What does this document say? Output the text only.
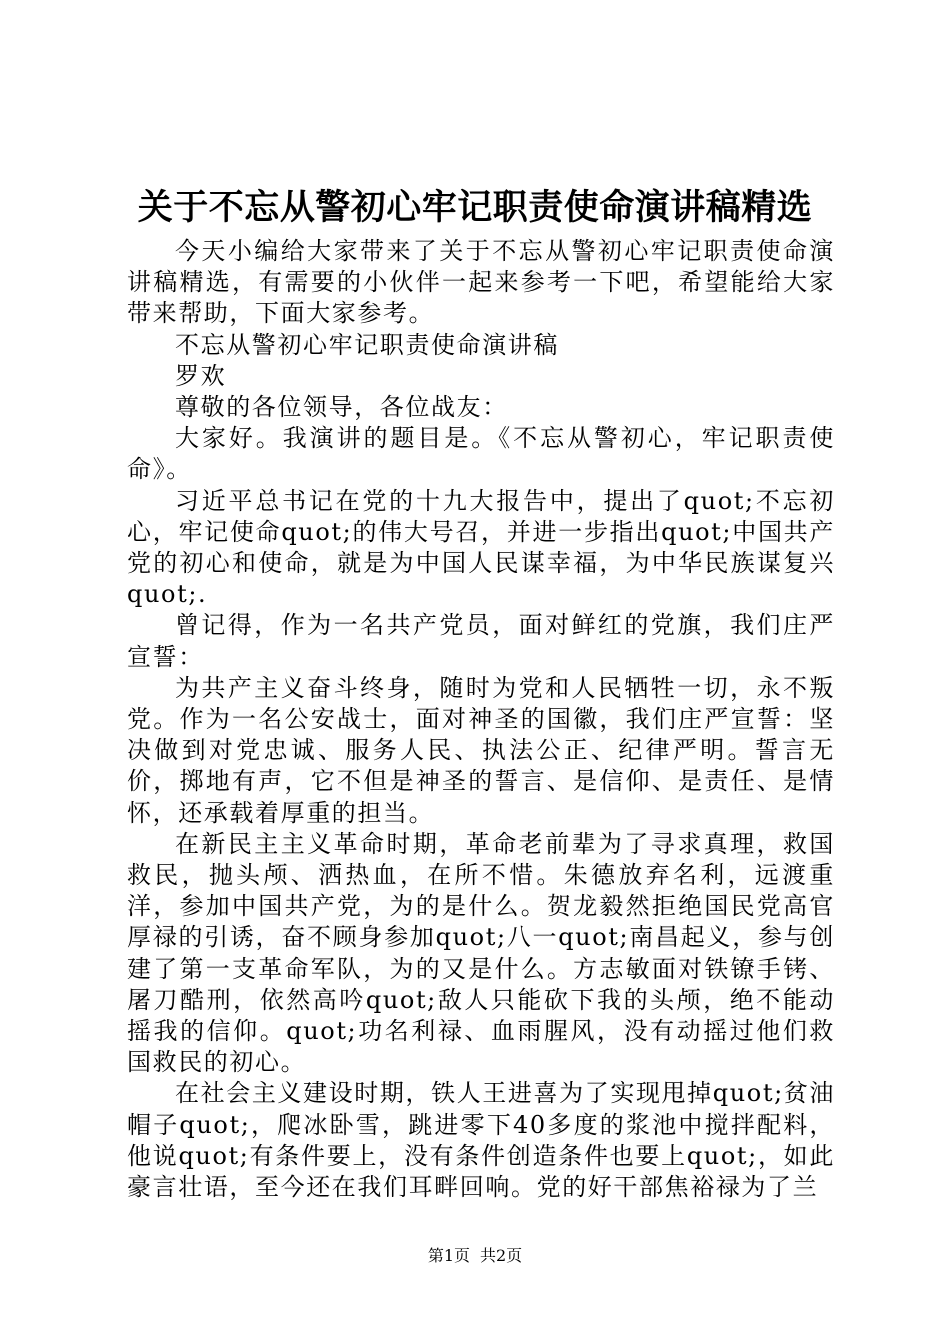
关于不忘从警初心牢记职责使命演讲稿精选

今天小编给大家带来了关于不忘从警初心牢记职责使命演讲稿精选，有需要的小伙伴一起来参考一下吧，希望能给大家带来帮助，下面大家参考。

不忘从警初心牢记职责使命演讲稿

罗欢

尊敬的各位领导，各位战友：

大家好。我演讲的题目是。《不忘从警初心，牢记职责使命》。

习近平总书记在党的十九大报告中，提出了quot;不忘初心，牢记使命quot;的伟大号召，并进一步指出quot;中国共产党的初心和使命，就是为中国人民谋幸福，为中华民族谋复兴quot;.

曾记得，作为一名共产党员，面对鲜红的党旗，我们庄严宣誓：

为共产主义奋斗终身，随时为党和人民牺牲一切，永不叛党。作为一名公安战士，面对神圣的国徽，我们庄严宣誓：坚决做到对党忠诚、服务人民、执法公正、纪律严明。誓言无价，掷地有声，它不但是神圣的誓言、是信仰、是责任、是情怀，还承载着厚重的担当。

在新民主主义革命时期，革命老前辈为了寻求真理，救国救民，抛头颅、洒热血，在所不惜。朱德放弃名利，远渡重洋，参加中国共产党，为的是什么。贺龙毅然拒绝国民党高官厚禄的引诱，奋不顾身参加quot;八一quot;南昌起义，参与创建了第一支革命军队，为的又是什么。方志敏面对铁镣手铐、屠刀酷刑，依然高吟quot;敌人只能砍下我的头颅，绝不能动摇我的信仰。quot;功名利禄、血雨腥风，没有动摇过他们救国救民的初心。

在社会主义建设时期，铁人王进喜为了实现甩掉quot;贫油帽子quot;，爬冰卧雪，跳进零下40多度的浆池中搅拌配料，他说quot;有条件要上，没有条件创造条件也要上quot;，如此豪言壮语，至今还在我们耳畔回响。党的好干部焦裕禄为了兰

第1页 共2页
